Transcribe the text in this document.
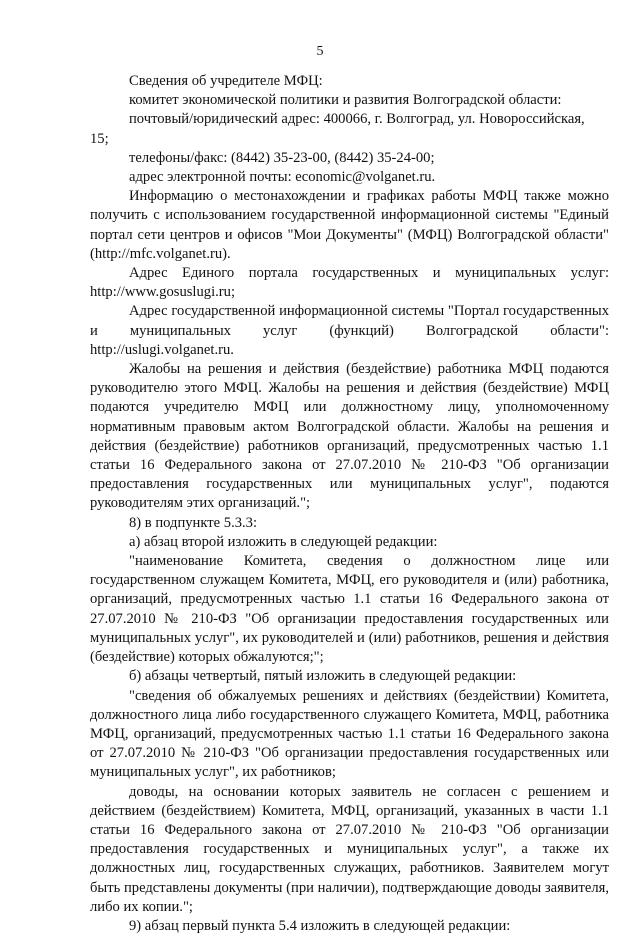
5

Сведения об учредителе МФЦ:

комитет экономической политики и развития Волгоградской области:

почтовый/юридический адрес: 400066, г. Волгоград, ул. Новороссийская,

15;

телефоны/факс: (8442) 35-23-00, (8442) 35-24-00;

адрес электронной почты: economic@volganet.ru.

Информацию о местонахождении и графиках работы МФЦ также можно получить с использованием государственной информационной системы "Единый портал сети центров и офисов "Мои Документы" (МФЦ) Волгоградской области" (http://mfc.volganet.ru).

Адрес Единого портала государственных и муниципальных услуг: http://www.gosuslugi.ru;

Адрес государственной информационной системы "Портал государственных и муниципальных услуг (функций) Волгоградской области": http://uslugi.volganet.ru.

Жалобы на решения и действия (бездействие) работника МФЦ подаются руководителю этого МФЦ. Жалобы на решения и действия (бездействие) МФЦ подаются учредителю МФЦ или должностному лицу, уполномоченному нормативным правовым актом Волгоградской области. Жалобы на решения и действия (бездействие) работников организаций, предусмотренных частью 1.1 статьи 16 Федерального закона от 27.07.2010 № 210-ФЗ "Об организации предоставления государственных или муниципальных услуг", подаются руководителям этих организаций.";

8) в подпункте 5.3.3:

а) абзац второй изложить в следующей редакции:

"наименование Комитета, сведения о должностном лице или государственном служащем Комитета, МФЦ, его руководителя и (или) работника, организаций, предусмотренных частью 1.1 статьи 16 Федерального закона от 27.07.2010 № 210-ФЗ "Об организации предоставления государственных или муниципальных услуг", их руководителей и (или) работников, решения и действия (бездействие) которых обжалуются;";

б) абзацы четвертый, пятый изложить в следующей редакции:

"сведения об обжалуемых решениях и действиях (бездействии) Комитета, должностного лица либо государственного служащего Комитета, МФЦ, работника МФЦ, организаций, предусмотренных частью 1.1 статьи 16 Федерального закона от 27.07.2010 № 210-ФЗ "Об организации предоставления государственных или муниципальных услуг", их работников;

доводы, на основании которых заявитель не согласен с решением и действием (бездействием) Комитета, МФЦ, организаций, указанных в части 1.1 статьи 16 Федерального закона от 27.07.2010 № 210-ФЗ "Об организации предоставления государственных и муниципальных услуг", а также их должностных лиц, государственных служащих, работников. Заявителем могут быть представлены документы (при наличии), подтверждающие доводы заявителя, либо их копии.";

9) абзац первый пункта 5.4 изложить в следующей редакции:
